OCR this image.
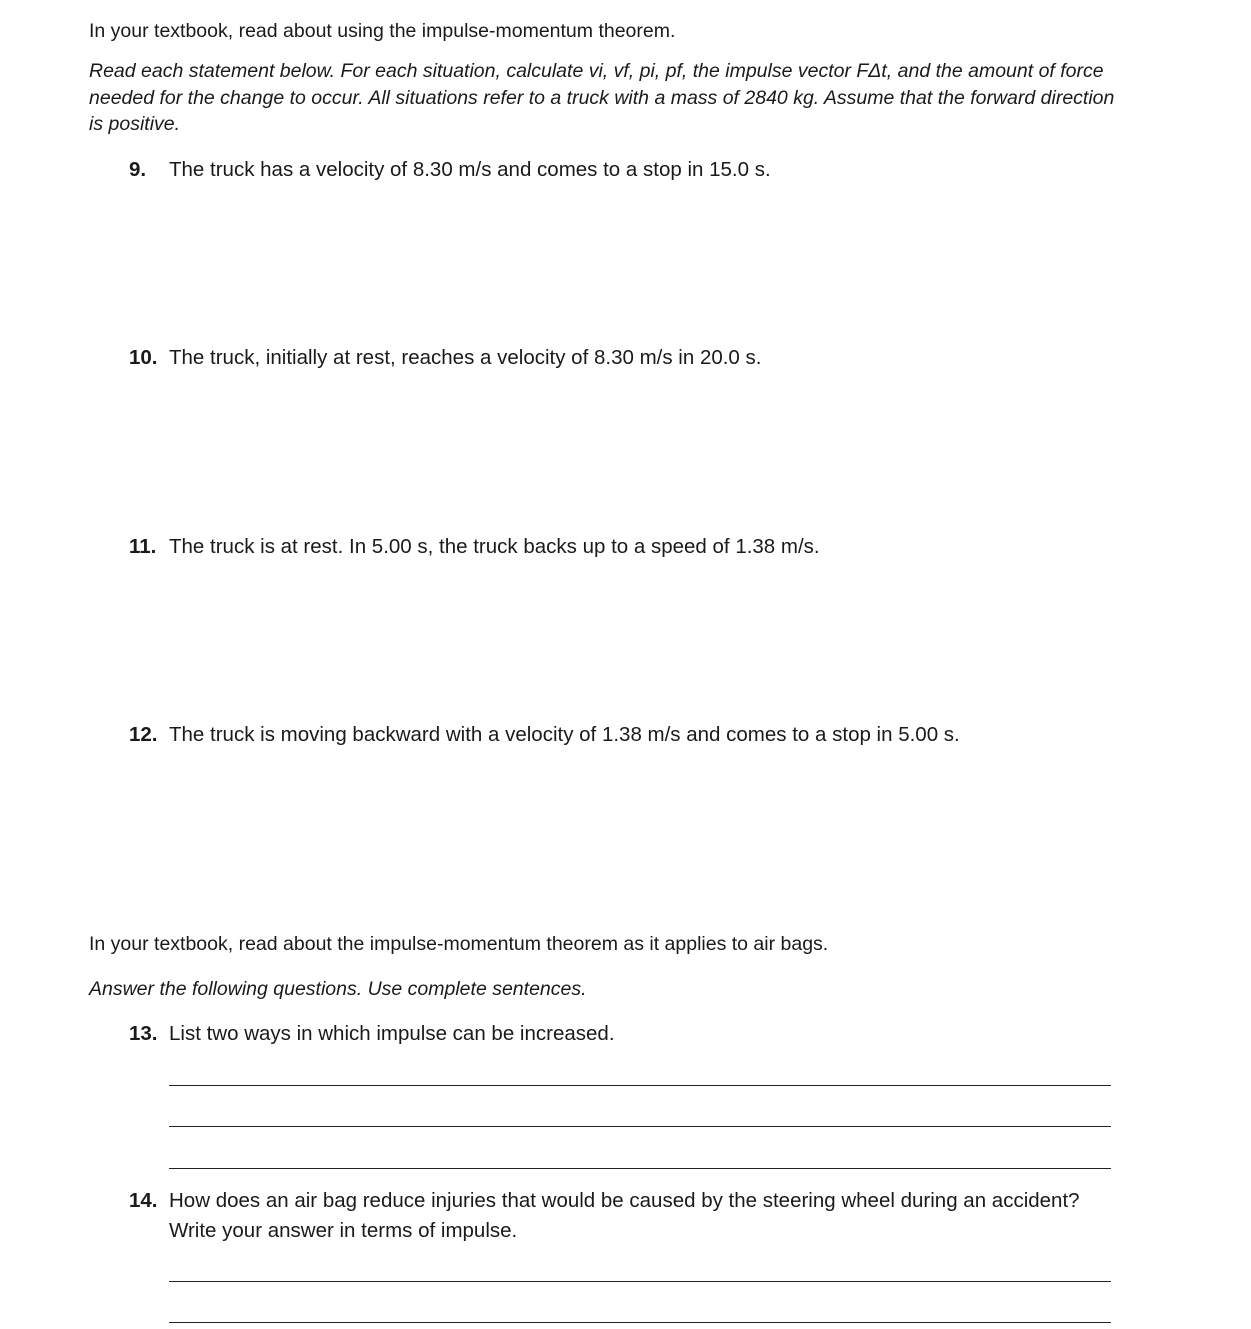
In your textbook, read about using the impulse-momentum theorem.

Read each statement below. For each situation, calculate vi, vf, pi, pf, the impulse vector FΔt, and the amount of force needed for the change to occur. All situations refer to a truck with a mass of 2840 kg. Assume that the forward direction is positive.

9.	The truck has a velocity of 8.30 m/s and comes to a stop in 15.0 s.
10. The truck, initially at rest, reaches a velocity of 8.30 m/s in 20.0 s.
11. The truck is at rest. In 5.00 s, the truck backs up to a speed of 1.38 m/s.
12. The truck is moving backward with a velocity of 1.38 m/s and comes to a stop in 5.00 s.

In your textbook, read about the impulse-momentum theorem as it applies to air bags.

Answer the following questions. Use complete sentences.

13. List two ways in which impulse can be increased.
14. How does an air bag reduce injuries that would be caused by the steering wheel during an accident? Write your answer in terms of impulse.
